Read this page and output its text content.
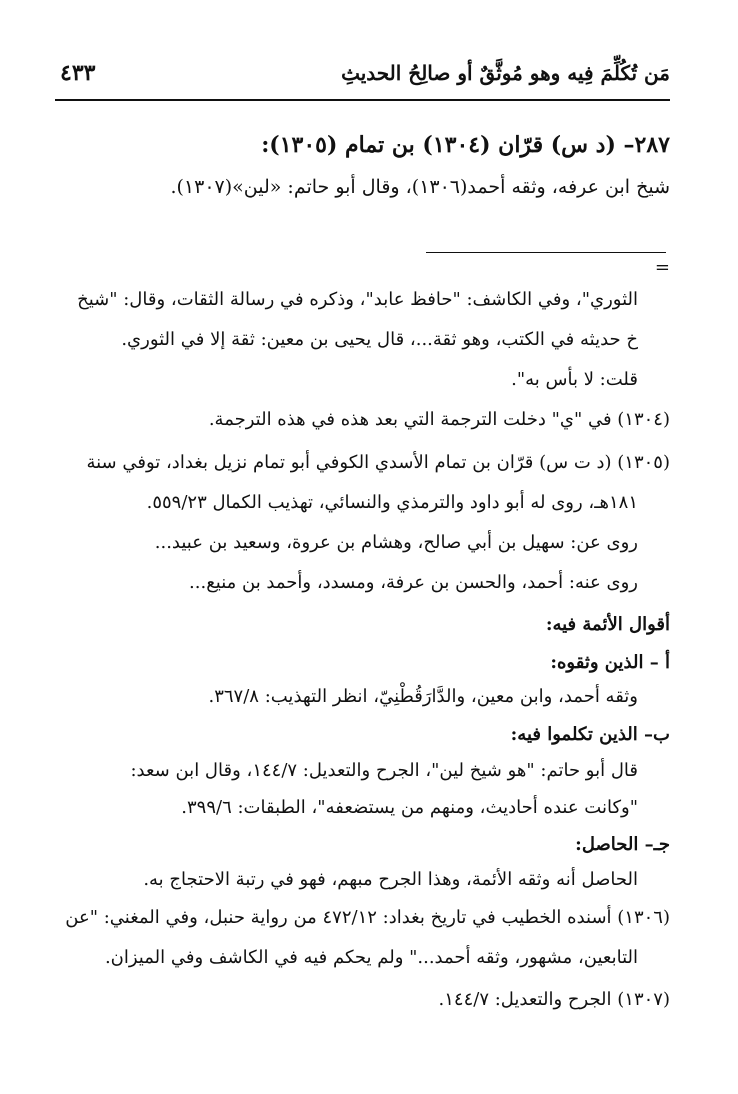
مَن تُكُلِّمَ فِيه وهو مُوثَّقٌ أو صالِحُ الحديثِ
٤٣٣
٢٨٧– (د س) قرّان (١٣٠٤) بن تمام (١٣٠٥):
شيخ ابن عرفه، وثقه أحمد(١٣٠٦)، وقال أبو حاتم: «لين»(١٣٠٧).
=
الثوري"، وفي الكاشف: "حافظ عابد"، وذكره في رسالة الثقات، وقال: "شيخ
خ حديثه في الكتب، وهو ثقة...، قال يحيى بن معين: ثقة إلا في الثوري.
قلت: لا بأس به".
(١٣٠٤) في "ي" دخلت الترجمة التي بعد هذه في هذه الترجمة.
(١٣٠٥) (د ت س) قرّان بن تمام الأسدي الكوفي أبو تمام نزيل بغداد، توفي سنة
١٨١هـ، روى له أبو داود والترمذي والنسائي، تهذيب الكمال ٥٥٩/٢٣.
روى عن: سهيل بن أبي صالح، وهشام بن عروة، وسعيد بن عبيد...
روى عنه: أحمد، والحسن بن عرفة، ومسدد، وأحمد بن منيع...
أقوال الأئمة فيه:
أ – الذين وثقوه:
وثقه أحمد، وابن معين، والدَّارَقُطْنِيّ، انظر التهذيب: ٣٦٧/٨.
ب– الذين تكلموا فيه:
قال أبو حاتم: "هو شيخ لين"، الجرح والتعديل: ١٤٤/٧، وقال ابن سعد:
"وكانت عنده أحاديث، ومنهم من يستضعفه"، الطبقات: ٣٩٩/٦.
جـ– الحاصل:
الحاصل أنه وثقه الأئمة، وهذا الجرح مبهم، فهو في رتبة الاحتجاج به.
(١٣٠٦) أسنده الخطيب في تاريخ بغداد: ٤٧٢/١٢ من رواية حنبل، وفي المغني: "عن
التابعين، مشهور، وثقه أحمد..." ولم يحكم فيه في الكاشف وفي الميزان.
(١٣٠٧) الجرح والتعديل: ١٤٤/٧.
